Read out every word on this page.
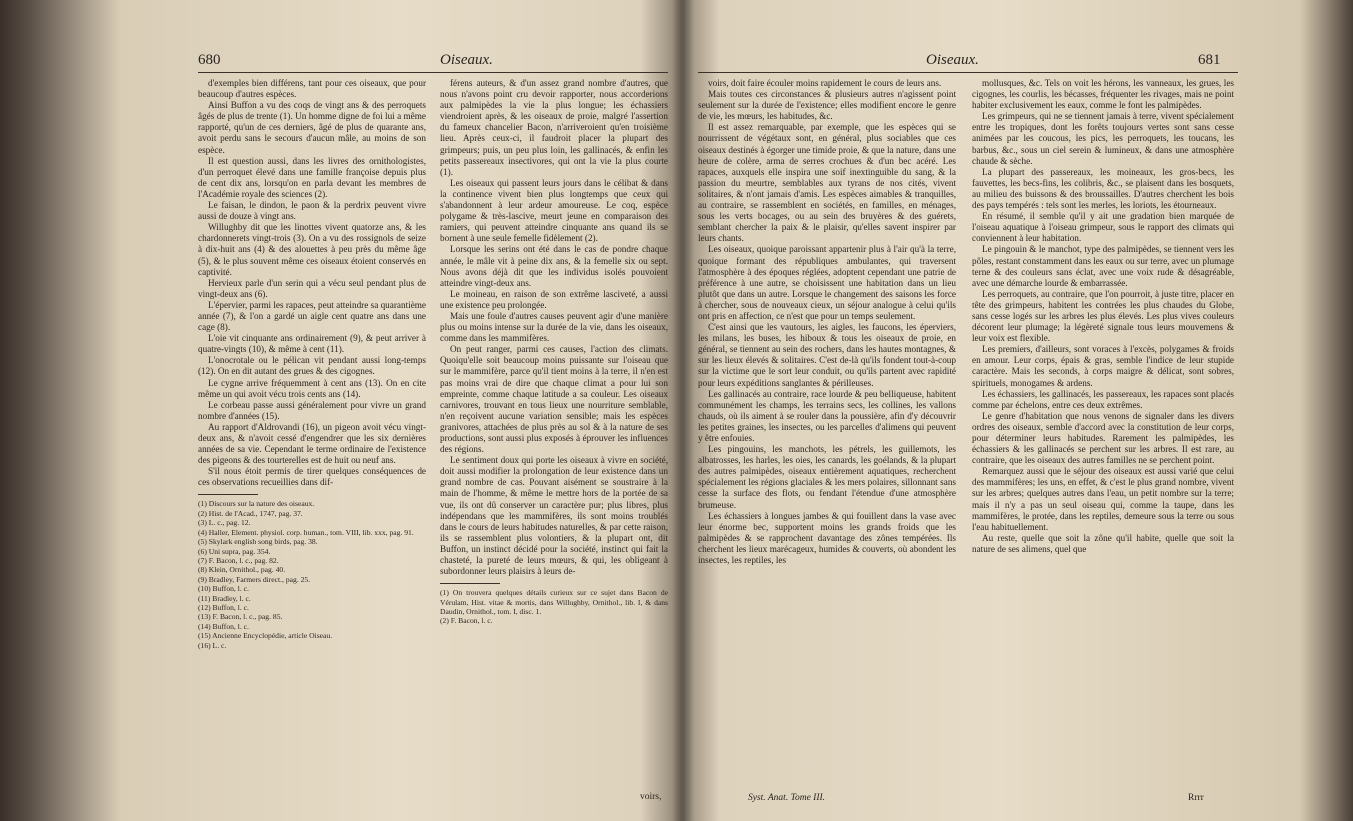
680	Oiseaux.

d'exemples bien différens, tant pour ces oiseaux, que pour beaucoup d'autres espèces.

Ainsi Buffon a vu des coqs de vingt ans & des perroquets âgés de plus de trente (1). Un homme digne de foi lui a même rapporté, qu'un de ces derniers, âgé de plus de quarante ans, avoit perdu sans le secours d'aucun mâle, au moins de son espèce.

Il est question aussi, dans les livres des ornithologistes, d'un perroquet élevé dans une famille françoise depuis plus de cent dix ans, lorsqu'on en parla devant les membres de l'Académie royale des sciences (2).

Le faisan, le dindon, le paon & la perdrix peuvent vivre aussi de douze à vingt ans.

Willughby dit que les linottes vivent quatorze ans, & les chardonnerets vingt-trois (3). On a vu des rossignols de seize à dix-huit ans (4) & des alouettes à peu près du même âge (5), & le plus souvent même ces oiseaux étoient conservés en captivité.

Hervieux parle d'un serin qui a vécu seul pendant plus de vingt-deux ans (6).

L'épervier, parmi les rapaces, peut atteindre sa quarantième année (7), & l'on a gardé un aigle cent quatre ans dans une cage (8).

L'oie vit cinquante ans ordinairement (9), & peut arriver à quatre-vingts (10), & même à cent (11).

L'onocrotale ou le pélican vit pendant aussi long-temps (12). On en dit autant des grues & des cigognes.

Le cygne arrive fréquemment à cent ans (13). On en cite même un qui avoit vécu trois cents ans (14).

Le corbeau passe aussi généralement pour vivre un grand nombre d'années (15).

Au rapport d'Aldrovandi (16), un pigeon avoit vécu vingt-deux ans, & n'avoit cessé d'engendrer que les six dernières années de sa vie. Cependant le terme ordinaire de l'existence des pigeons & des tourterelles est de huit ou neuf ans.

S'il nous étoit permis de tirer quelques conséquences de ces observations recueillies dans dif-

(1) Discours sur la nature des oiseaux.
(2) Hist. de l'Acad., 1747, pag. 37.
(3) L. c., pag. 12.
(4) Haller, Element. physiol. corp. human., tom. VIII, lib. xxx, pag. 91.
(5) Skylark english song birds, pag. 38.
(6) Uni supra, pag. 354.
(7) F. Bacon, l. c., pag. 82.
(8) Klein, Ornithol., pag. 40.
(9) Bradley, Farmers direct., pag. 25.
(10) Buffon, l. c.
(11) Bradley, l. c.
(12) Buffon, l. c.
(13) F. Bacon, l. c., pag. 85.
(14) Buffon, l. c.
(15) Ancienne Encyclopédie, article Oiseau.
(16) L. c.

férens auteurs, & d'un assez grand nombre d'autres, que nous n'avons point cru devoir rapporter, nous accorderions aux palmipèdes la vie la plus longue; les échassiers viendroient après, & les oiseaux de proie, malgré l'assertion du fameux chancelier Bacon, n'arriveroient qu'en troisième lieu. Après ceux-ci, il faudroit placer la plupart des grimpeurs; puis, un peu plus loin, les gallinacés, & enfin les petits passereaux insectivores, qui ont la vie la plus courte (1).

Les oiseaux qui passent leurs jours dans le célibat & dans la continence vivent bien plus longtemps que ceux qui s'abandonnent à leur ardeur amoureuse. Le coq, espèce polygame & très-lascive, meurt jeune en comparaison des ramiers, qui peuvent atteindre cinquante ans quand ils se bornent à une seule femelle fidèlement (2).

Lorsque les serins ont été dans le cas de pondre chaque année, le mâle vit à peine dix ans, & la femelle six ou sept. Nous avons déjà dit que les individus isolés pouvoient atteindre vingt-deux ans.

Le moineau, en raison de son extrême lasciveté, a aussi une existence peu prolongée.

Mais une foule d'autres causes peuvent agir d'une manière plus ou moins intense sur la durée de la vie, dans les oiseaux, comme dans les mammifères.

On peut ranger, parmi ces causes, l'action des climats. Quoiqu'elle soit beaucoup moins puissante sur l'oiseau que sur le mammifère, parce qu'il tient moins à la terre, il n'en est pas moins vrai de dire que chaque climat a pour lui son empreinte, comme chaque latitude a sa couleur. Les oiseaux carnivores, trouvant en tous lieux une nourriture semblable, n'en reçoivent aucune variation sensible; mais les espèces granivores, attachées de plus près au sol & à la nature de ses productions, sont aussi plus exposés à éprouver les influences des régions.

Le sentiment doux qui porte les oiseaux à vivre en société, doit aussi modifier la prolongation de leur existence dans un grand nombre de cas. Pouvant aisément se soustraire à la main de l'homme, & même le mettre hors de la portée de sa vue, ils ont dû conserver un caractère pur; plus libres, plus indépendans que les mammifères, ils sont moins troublés dans le cours de leurs habitudes naturelles, & par cette raison, ils se rassemblent plus volontiers, & la plupart ont, dit Buffon, un instinct décidé pour la société, instinct qui fait la chasteté, la pureté de leurs mœurs, & qui, les obligeant à subordonner leurs plaisirs à leurs de-

(1) On trouvera quelques détails curieux sur ce sujet dans Bacon de Vérulam, Hist. vitae & mortis, dans Willughby, Ornithol., lib. I, & dans Daudin, Ornithol., tom. I, disc. 1.
(2) F. Bacon, l. c.
voirs,
Oiseaux.	681

voirs, doit faire écouler moins rapidement le cours de leurs ans.

Mais toutes ces circonstances & plusieurs autres n'agissent point seulement sur la durée de l'existence; elles modifient encore le genre de vie, les mœurs, les habitudes, &c.

Il est assez remarquable, par exemple, que les espèces qui se nourrissent de végétaux sont, en général, plus sociables que ces oiseaux destinés à égorger une timide proie, & que la nature, dans une heure de colère, arma de serres crochues & d'un bec acéré. Les rapaces, auxquels elle inspira une soif inextinguible du sang, & la passion du meurtre, semblables aux tyrans de nos cités, vivent solitaires, & n'ont jamais d'amis. Les espèces aimables & tranquilles, au contraire, se rassemblent en sociétés, en familles, en ménages, sous les verts bocages, ou au sein des bruyères & des guérets, semblant chercher la paix & le plaisir, qu'elles savent inspirer par leurs chants.

Les oiseaux, quoique paroissant appartenir plus à l'air qu'à la terre, quoique formant des républiques ambulantes, qui traversent l'atmosphère à des époques réglées, adoptent cependant une patrie de préférence à une autre, se choisissent une habitation dans un lieu plutôt que dans un autre. Lorsque le changement des saisons les force à chercher, sous de nouveaux cieux, un séjour analogue à celui qu'ils ont pris en affection, ce n'est que pour un temps seulement.

C'est ainsi que les vautours, les aigles, les faucons, les éperviers, les milans, les buses, les hiboux & tous les oiseaux de proie, en général, se tiennent au sein des rochers, dans les hautes montagnes, & sur les lieux élevés & solitaires. C'est de-là qu'ils fondent tout-à-coup sur la victime que le sort leur conduit, ou qu'ils partent avec rapidité pour leurs expéditions sanglantes & périlleuses.

Les gallinacés au contraire, race lourde & peu belliqueuse, habitent communément les champs, les terrains secs, les collines, les vallons chauds, où ils aiment à se rouler dans la poussière, afin d'y découvrir les petites graines, les insectes, ou les parcelles d'alimens qui peuvent y être enfouies.

Les pingouins, les manchots, les pétrels, les guillemots, les albatrosses, les harles, les oies, les canards, les goélands, & la plupart des autres palmipèdes, oiseaux entièrement aquatiques, recherchent spécialement les régions glaciales & les mers polaires, sillonnant sans cesse la surface des flots, ou fendant l'étendue d'une atmosphère brumeuse.

Les échassiers à longues jambes & qui fouillent dans la vase avec leur énorme bec, supportent moins les grands froids que les palmipèdes & se rapprochent davantage des zônes tempérées. Ils cherchent les lieux marécageux, humides & couverts, où abondent les insectes, les reptiles, les

mollusques, &c. Tels on voit les hérons, les vanneaux, les grues, les cigognes, les courlis, les bécasses, fréquenter les rivages, mais ne point habiter exclusivement les eaux, comme le font les palmipèdes.

Les grimpeurs, qui ne se tiennent jamais à terre, vivent spécialement entre les tropiques, dont les forêts toujours vertes sont sans cesse animées par les coucous, les pics, les perroquets, les toucans, les barbus, &c., sous un ciel serein & lumineux, & dans une atmosphère chaude & sèche.

La plupart des passereaux, les moineaux, les gros-becs, les fauvettes, les becs-fins, les colibris, &c., se plaisent dans les bosquets, au milieu des buissons & des broussailles. D'autres cherchent les bois des pays tempérés : tels sont les merles, les loriots, les étourneaux.

En résumé, il semble qu'il y ait une gradation bien marquée de l'oiseau aquatique à l'oiseau grimpeur, sous le rapport des climats qui conviennent à leur habitation.

Le pingouin & le manchot, type des palmipèdes, se tiennent vers les pôles, restant constamment dans les eaux ou sur terre, avec un plumage terne & des couleurs sans éclat, avec une voix rude & désagréable, avec une démarche lourde & embarrassée.

Les perroquets, au contraire, que l'on pourroit, à juste titre, placer en tête des grimpeurs, habitent les contrées les plus chaudes du Globe, sans cesse logés sur les arbres les plus élevés. Les plus vives couleurs décorent leur plumage; la légèreté signale tous leurs mouvemens & leur voix est flexible.

Les premiers, d'ailleurs, sont voraces à l'excès, polygames & froids en amour. Leur corps, épais & gras, semble l'indice de leur stupide caractère. Mais les seconds, à corps maigre & délicat, sont sobres, spirituels, monogames & ardens.

Les échassiers, les gallinacés, les passereaux, les rapaces sont placés comme par échelons, entre ces deux extrêmes.

Le genre d'habitation que nous venons de signaler dans les divers ordres des oiseaux, semble d'accord avec la constitution de leur corps, pour déterminer leurs habitudes. Rarement les palmipèdes, les échassiers & les gallinacés se perchent sur les arbres. Il est rare, au contraire, que les oiseaux des autres familles ne se perchent point.

Remarquez aussi que le séjour des oiseaux est aussi varié que celui des mammifères; les uns, en effet, & c'est le plus grand nombre, vivent sur les arbres; quelques autres dans l'eau, un petit nombre sur la terre; mais il n'y a pas un seul oiseau qui, comme la taupe, dans les mammifères, le protée, dans les reptiles, demeure sous la terre ou sous l'eau habituellement.

Au reste, quelle que soit la zône qu'il habite, quelle que soit la nature de ses alimens, quel que

Syst. Anat. Tome III.	Rrrr
